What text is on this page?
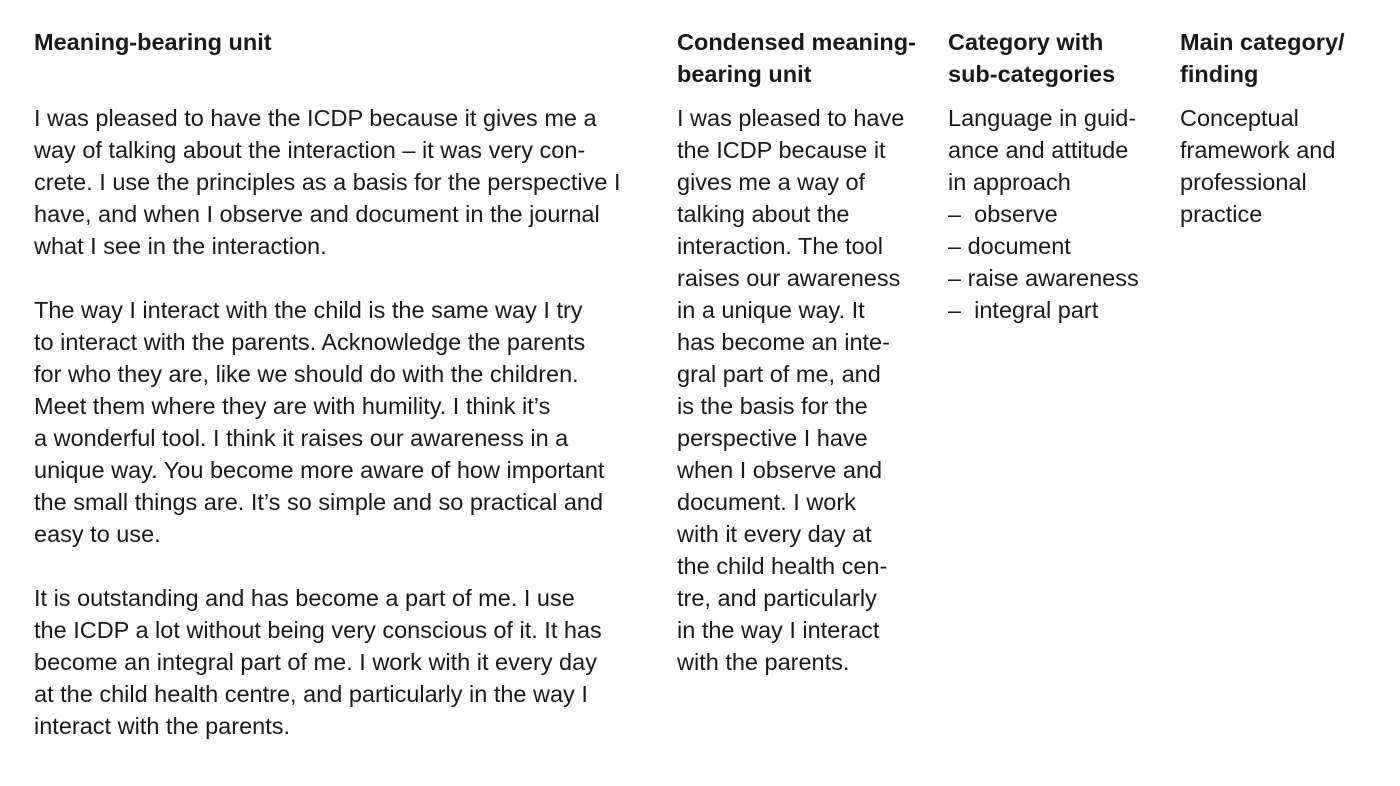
Meaning-bearing unit
I was pleased to have the ICDP because it gives me a
way of talking about the interaction – it was very con-
crete. I use the principles as a basis for the perspective I
have, and when I observe and document in the journal
what I see in the interaction.
The way I interact with the child is the same way I try
to interact with the parents. Acknowledge the parents
for who they are, like we should do with the children.
Meet them where they are with humility. I think it’s
a wonderful tool. I think it raises our awareness in a
unique way. You become more aware of how important
the small things are. It’s so simple and so practical and
easy to use.
It is outstanding and has become a part of me. I use
the ICDP a lot without being very conscious of it. It has
become an integral part of me. I work with it every day
at the child health centre, and particularly in the way I
interact with the parents.
Condensed meaning-
bearing unit
I was pleased to have
the ICDP because it
gives me a way of
talking about the
interaction. The tool
raises our awareness
in a unique way. It
has become an inte-
gral part of me, and
is the basis for the
perspective I have
when I observe and
document. I work
with it every day at
the child health cen-
tre, and particularly
in the way I interact
with the parents.
Category with
sub-categories
Language in guid-
ance and attitude
in approach
–  observe
– document
– raise awareness
–  integral part
Main category/
finding
Conceptual
framework and
professional
practice
